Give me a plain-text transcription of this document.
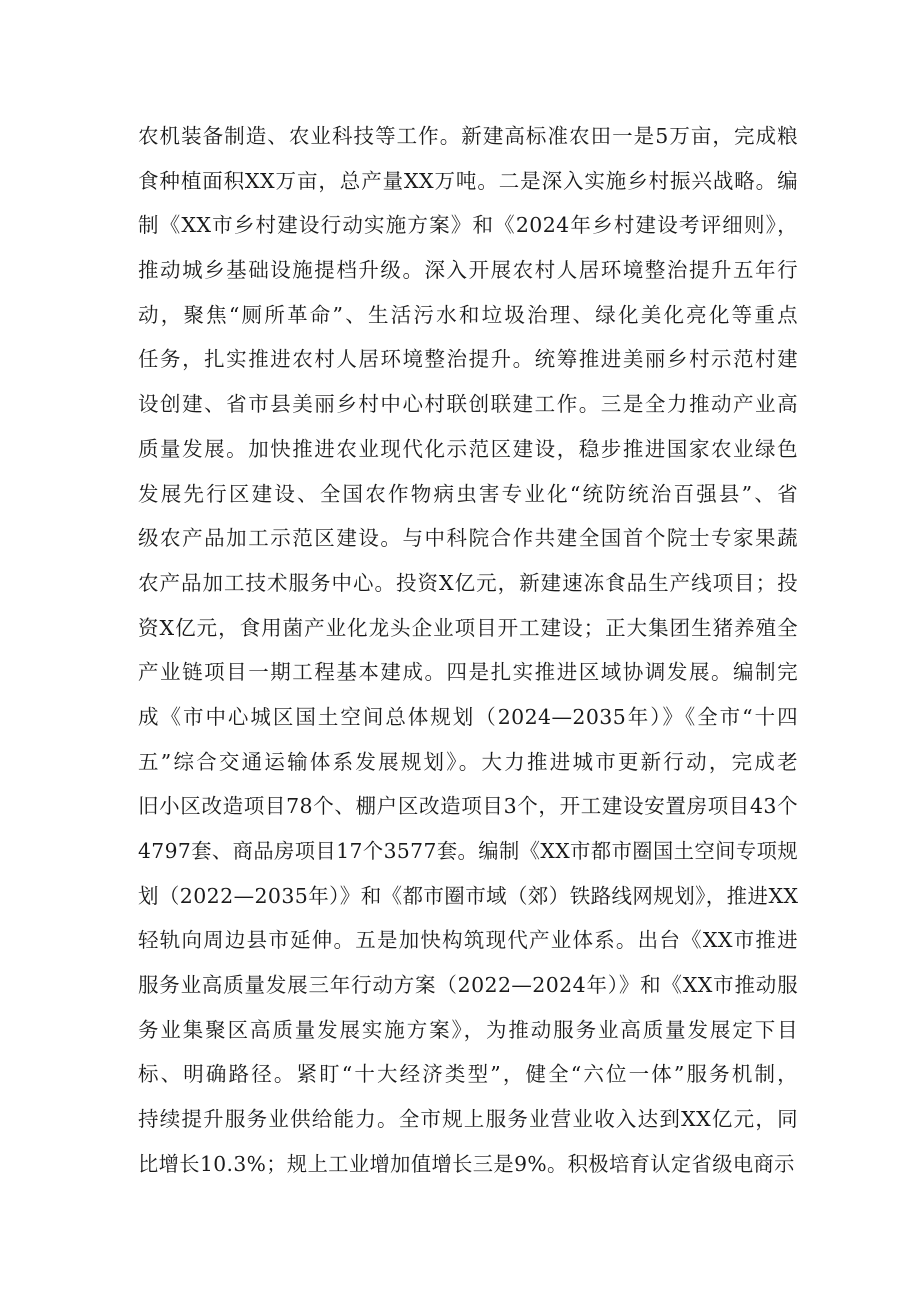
农机装备制造、农业科技等工作。新建高标准农田一是5万亩，完成粮
食种植面积XX万亩，总产量XX万吨。二是深入实施乡村振兴战略。编
制《XX市乡村建设行动实施方案》和《2024年乡村建设考评细则》，
推动城乡基础设施提档升级。深入开展农村人居环境整治提升五年行
动，聚焦“厕所革命”、生活污水和垃圾治理、绿化美化亮化等重点
任务，扎实推进农村人居环境整治提升。统筹推进美丽乡村示范村建
设创建、省市县美丽乡村中心村联创联建工作。三是全力推动产业高
质量发展。加快推进农业现代化示范区建设，稳步推进国家农业绿色
发展先行区建设、全国农作物病虫害专业化“统防统治百强县”、省
级农产品加工示范区建设。与中科院合作共建全国首个院士专家果蔬
农产品加工技术服务中心。投资X亿元，新建速冻食品生产线项目；投
资X亿元，食用菌产业化龙头企业项目开工建设；正大集团生猪养殖全
产业链项目一期工程基本建成。四是扎实推进区域协调发展。编制完
成《市中心城区国土空间总体规划（2024—2035年）》《全市“十四
五”综合交通运输体系发展规划》。大力推进城市更新行动，完成老
旧小区改造项目78个、棚户区改造项目3个，开工建设安置房项目43个
4797套、商品房项目17个3577套。编制《XX市都市圈国土空间专项规
划（2022—2035年）》和《都市圈市域（郊）铁路线网规划》，推进XX
轻轨向周边县市延伸。五是加快构筑现代产业体系。出台《XX市推进
服务业高质量发展三年行动方案（2022—2024年）》和《XX市推动服
务业集聚区高质量发展实施方案》，为推动服务业高质量发展定下目
标、明确路径。紧盯“十大经济类型”，健全“六位一体”服务机制，
持续提升服务业供给能力。全市规上服务业营业收入达到XX亿元，同
比增长10.3%；规上工业增加值增长三是9%。积极培育认定省级电商示
